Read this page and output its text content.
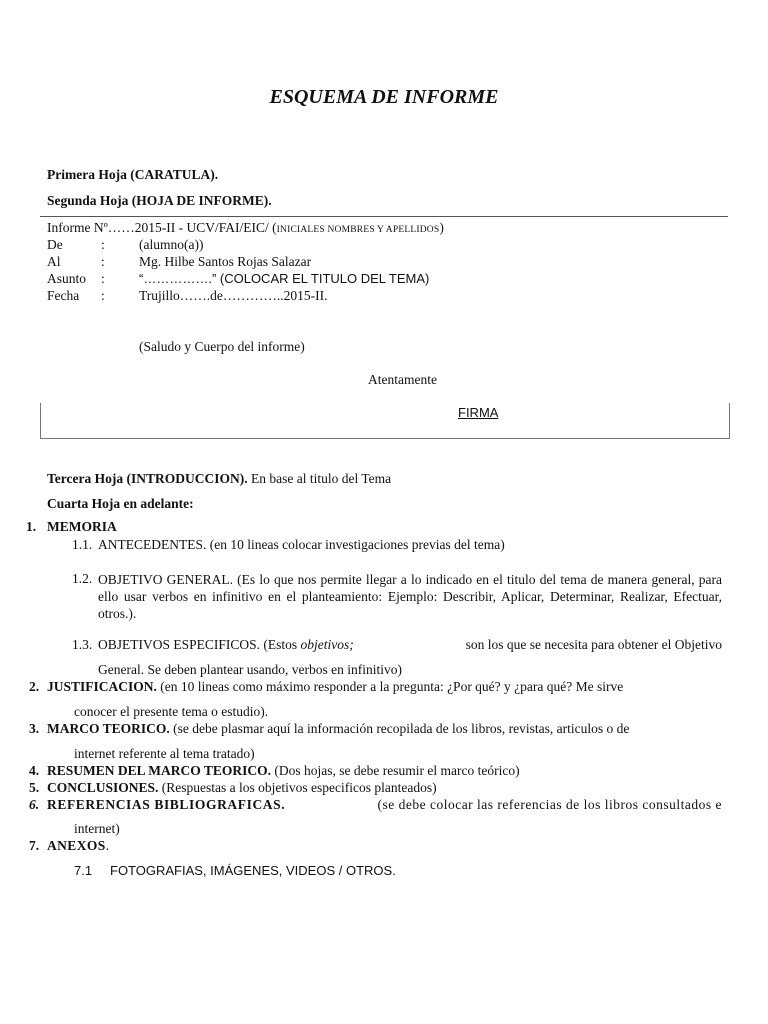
ESQUEMA DE INFORME
Primera Hoja (CARATULA).
Segunda Hoja (HOJA DE INFORME).
Informe Nº……2015-II - UCV/FAI/EIC/ (INICIALES NOMBRES Y APELLIDOS)
De	:	(alumno(a))
Al	:	Mg. Hilbe Santos Rojas Salazar
Asunto :	“…………….” (COLOCAR EL TITULO DEL TEMA)
Fecha :	Trujillo…….de…………..2015-II.
(Saludo y Cuerpo del informe)
Atentamente
FIRMA
Tercera Hoja (INTRODUCCION). En base al titulo del Tema
Cuarta Hoja en adelante:
1. MEMORIA
1.1. ANTECEDENTES. (en 10 lineas colocar investigaciones previas del tema)
1.2. OBJETIVO GENERAL. (Es lo que nos permite llegar a lo indicado en el titulo del tema de manera general, para ello usar verbos en infinitivo en el planteamiento: Ejemplo: Describir, Aplicar, Determinar, Realizar, Efectuar, otros.).
1.3. OBJETIVOS ESPECIFICOS. (Estos objetivos;	son los que se necesita para obtener el Objetivo
General. Se deben plantear usando, verbos en infinitivo)
2. JUSTIFICACION. (en 10 lineas como máximo responder a la pregunta: ¿Por qué? y ¿para qué? Me sirve
conocer el presente tema o estudio).
3. MARCO TEORICO. (se debe plasmar aquí la información recopilada de los libros, revistas, articulos o de
internet referente al tema tratado)
4. RESUMEN DEL MARCO TEORICO. (Dos hojas, se debe resumir el marco teórico)
5. CONCLUSIONES. (Respuestas a los objetivos especificos planteados)
6. REFERENCIAS BIBLIOGRAFICAS.	(se debe colocar las referencias de los libros consultados e
internet)
7. ANEXOS.
7.1 FOTOGRAFIAS, IMÁGENES, VIDEOS / OTROS.
